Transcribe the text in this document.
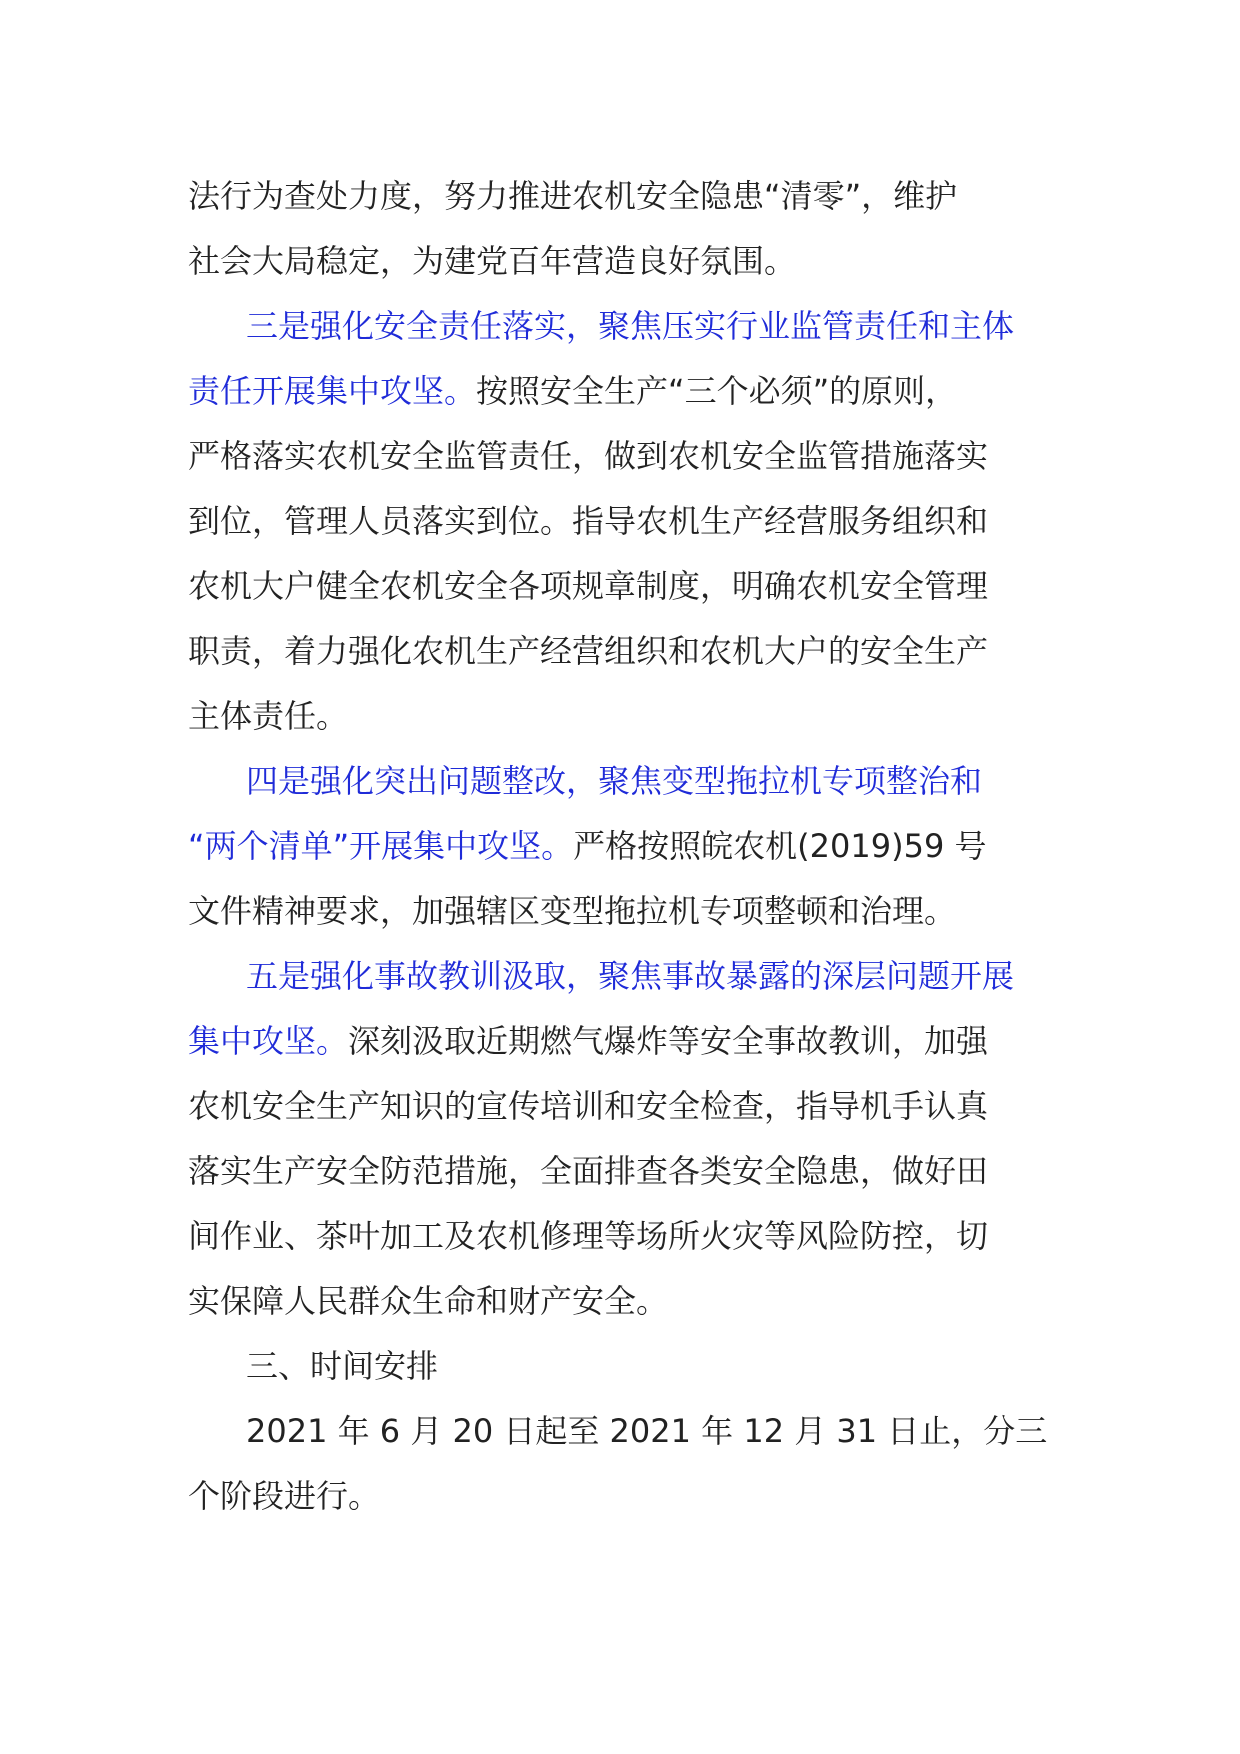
法行为查处力度，努力推进农机安全隐患“清零”，维护
社会大局稳定，为建党百年营造良好氛围。

三是强化安全责任落实，聚焦压实行业监管责任和主体
责任开展集中攻坚。按照安全生产“三个必须”的原则，
严格落实农机安全监管责任，做到农机安全监管措施落实
到位，管理人员落实到位。指导农机生产经营服务组织和
农机大户健全农机安全各项规章制度，明确农机安全管理
职责，着力强化农机生产经营组织和农机大户的安全生产
主体责任。

四是强化突出问题整改，聚焦变型拖拉机专项整治和
“两个清单”开展集中攻坚。严格按照皖农机(2019)59 号
文件精神要求，加强辖区变型拖拉机专项整顿和治理。

五是强化事故教训汲取，聚焦事故暴露的深层问题开展
集中攻坚。深刻汲取近期燃气爆炸等安全事故教训，加强
农机安全生产知识的宣传培训和安全检查，指导机手认真
落实生产安全防范措施，全面排查各类安全隐患，做好田
间作业、茶叶加工及农机修理等场所火灾等风险防控，切
实保障人民群众生命和财产安全。

三、时间安排

2021 年 6 月 20 日起至 2021 年 12 月 31 日止，分三
个阶段进行。
